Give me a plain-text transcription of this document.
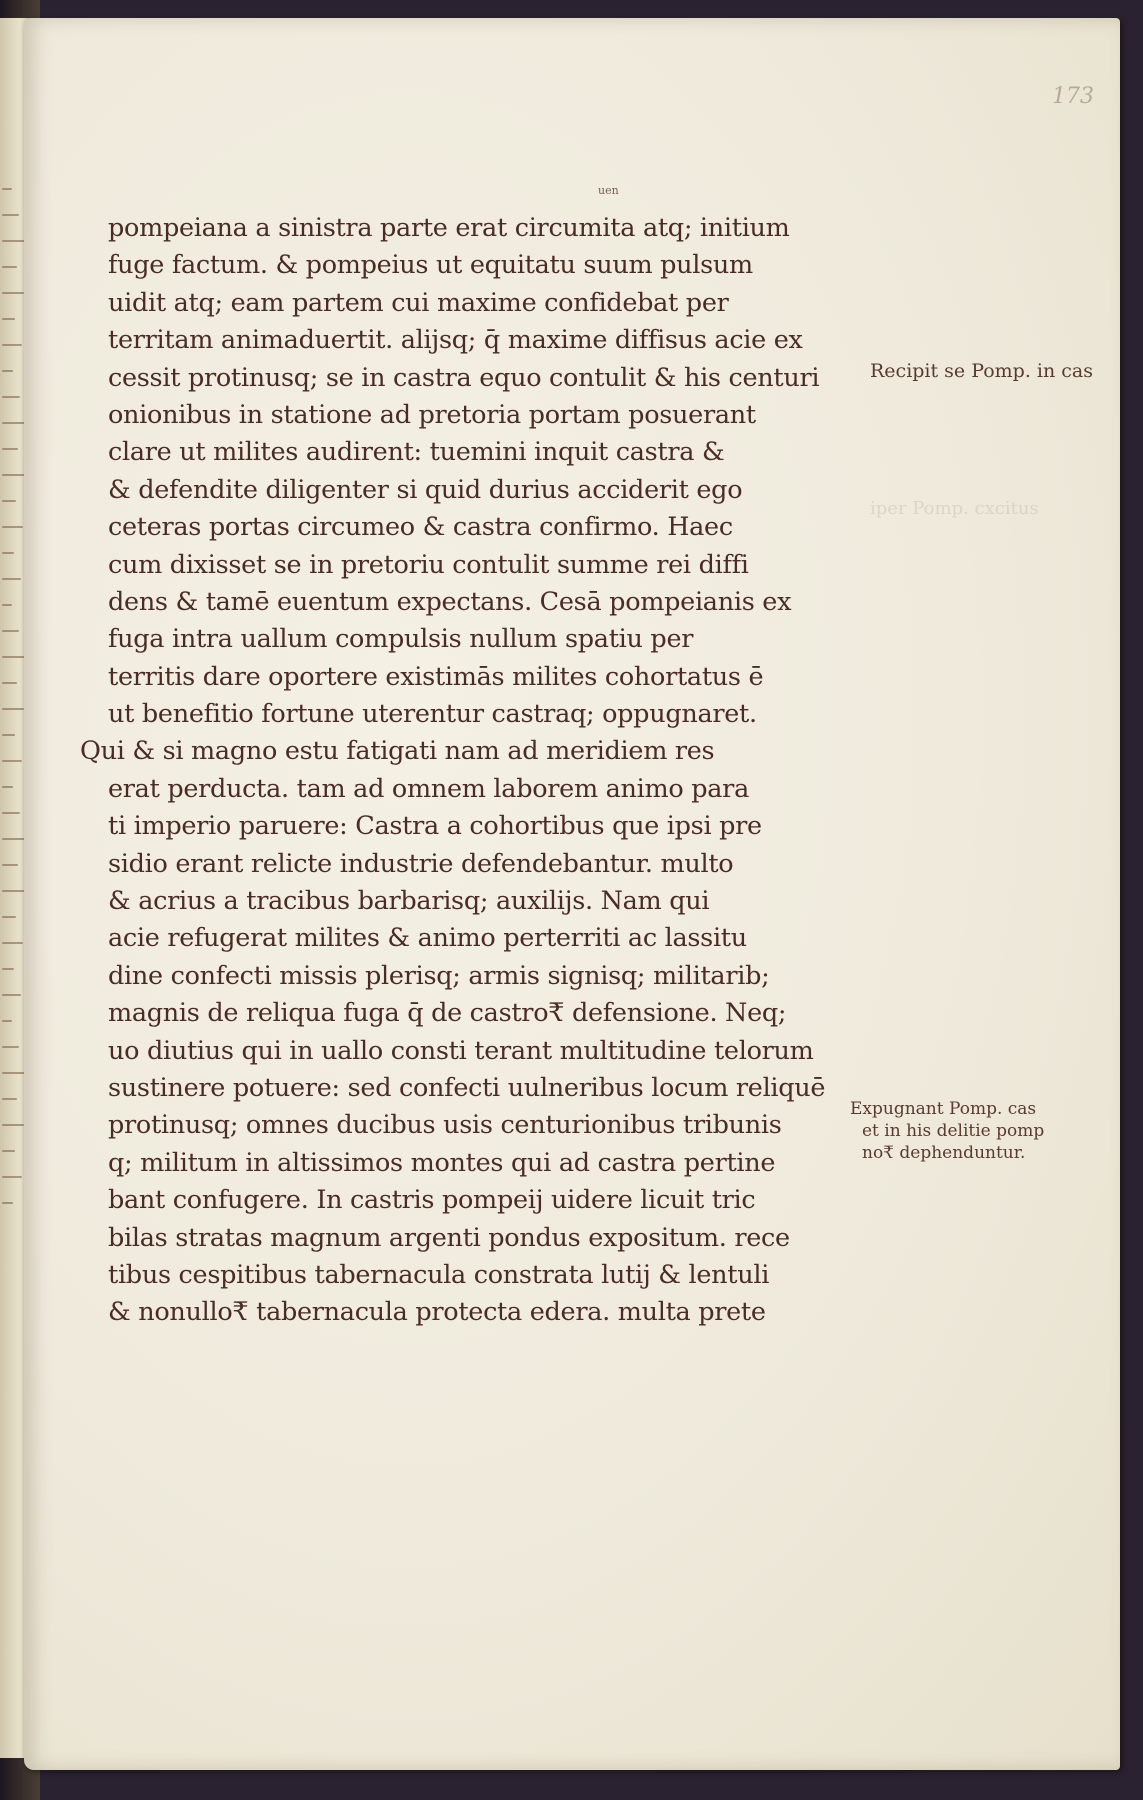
173
uen
pompeiana a sinistra parte erat circumita atq; initium
fuge factum. & pompeius ut equitatu suum pulsum
uidit atq; eam partem cui maxime confidebat per
territam animaduertit. alijsq; q̄ maxime diffisus acie ex
cessit protinusq; se in castra equo contulit & his centuri
onionibus in statione ad pretoria portam posuerant
clare ut milites audirent: tuemini inquit castra &
& defendite diligenter si quid durius acciderit ego
ceteras portas circumeo & castra confirmo. Haec
cum dixisset se in pretoriu contulit summe rei diffi
dens & tamē euentum expectans. Cesā pompeianis ex
fuga intra uallum compulsis nullum spatiu per
territis dare oportere existimās milites cohortatus ē
ut benefitio fortune uterentur castraq; oppugnaret.
Qui & si magno estu fatigati nam ad meridiem res
erat perducta. tam ad omnem laborem animo para
ti imperio paruere: Castra a cohortibus que ipsi pre
sidio erant relicte industrie defendebantur. multo
& acrius a tracibus barbarisq; auxilijs. Nam qui
acie refugerat milites & animo perterriti ac lassitu
dine confecti missis plerisq; armis signisq; militarib;
magnis de reliqua fuga q̄ de castro₹ defensione. Neq;
uo diutius qui in uallo consti terant multitudine telorum
sustinere potuere: sed confecti uulneribus locum reliquē
protinusq; omnes ducibus usis centurionibus tribunis
q; militum in altissimos montes qui ad castra pertine
bant confugere. In castris pompeij uidere licuit tric
bilas stratas magnum argenti pondus expositum. rece
tibus cespitibus tabernacula constrata lutij & lentuli
& nonullo₹ tabernacula protecta edera. multa prete
Recipit se Pomp. in cas
iper Pomp. cxcitus
Expugnant Pomp. cas
et in his delitie pomp
no₹ dephenduntur.
